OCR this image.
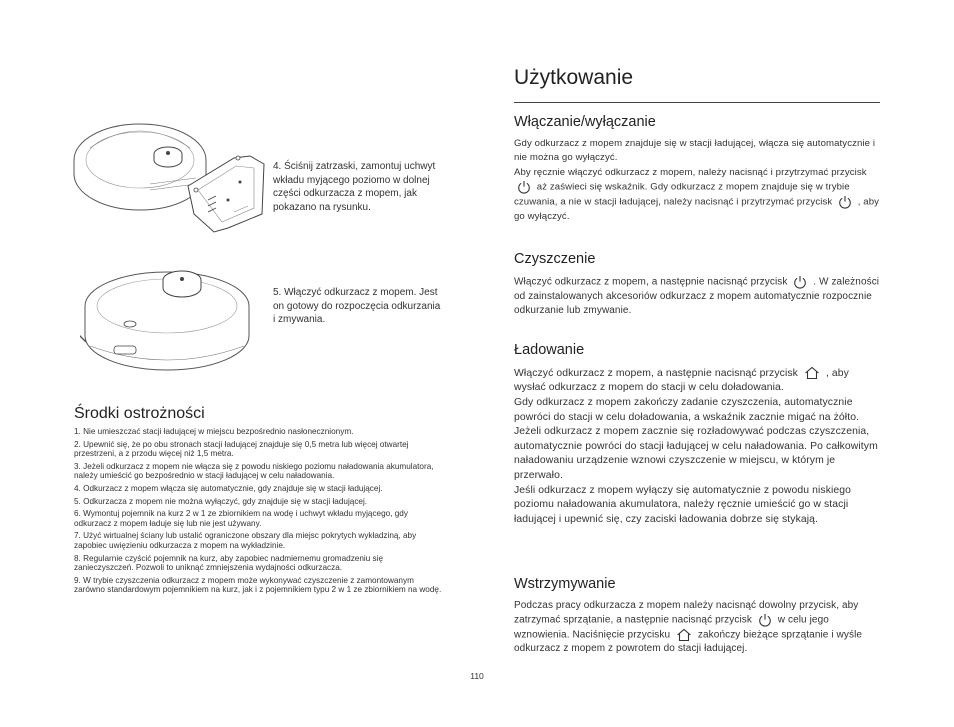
4. Ściśnij zatrzaski, zamontuj uchwyt wkładu myjącego poziomo w dolnej części odkurzacza z mopem, jak pokazano na rysunku.
5. Włączyć odkurzacz z mopem. Jest on gotowy do rozpoczęcia odkurzania i zmywania.
Środki ostrożności
1. Nie umieszczać stacji ładującej w miejscu bezpośrednio nasłonecznionym.
2. Upewnić się, że po obu stronach stacji ładującej znajduje się 0,5 metra lub więcej otwartej przestrzeni, a z przodu więcej niż 1,5 metra.
3. Jeżeli odkurzacz z mopem nie włącza się z powodu niskiego poziomu naładowania akumulatora, należy umieścić go bezpośrednio w stacji ładującej w celu naładowania.
4. Odkurzacz z mopem włącza się automatycznie, gdy znajduje się w stacji ładującej.
5. Odkurzacza z mopem nie można wyłączyć, gdy znajduje się w stacji ładującej.
6. Wymontuj pojemnik na kurz 2 w 1 ze zbiornikiem na wodę i uchwyt wkładu myjącego, gdy odkurzacz z mopem ładuje się lub nie jest używany.
7. Użyć wirtualnej ściany lub ustalić ograniczone obszary dla miejsc pokrytych wykładziną, aby zapobiec uwięzieniu odkurzacza z mopem na wykładzinie.
8. Regularnie czyścić pojemnik na kurz, aby zapobiec nadmiernemu gromadzeniu się zanieczyszczeń. Pozwoli to uniknąć zmniejszenia wydajności odkurzacza.
9. W trybie czyszczenia odkurzacz z mopem może wykonywać czyszczenie z zamontowanym zarówno standardowym pojemnikiem na kurz, jak i z pojemnikiem typu 2 w 1 ze zbiornikiem na wodę.
Użytkowanie
Włączanie/wyłączanie

Gdy odkurzacz z mopem znajduje się w stacji ładującej, włącza się automatycznie i nie można go wyłączyć.

Aby ręcznie włączyć odkurzacz z mopem, należy nacisnąć i przytrzymać przycisk  aż zaświeci się wskaźnik. Gdy odkurzacz z mopem znajduje się w trybie czuwania, a nie w stacji ładującej, należy nacisnąć i przytrzymać przycisk	, aby go wyłączyć.

Czyszczenie

Włączyć odkurzacz z mopem, a następnie nacisnąć przycisk	. W zależności od zainstalowanych akcesoriów odkurzacz z mopem automatycznie rozpocznie odkurzanie lub zmywanie.

Ładowanie

Włączyć odkurzacz z mopem, a następnie nacisnąć przycisk	, aby wysłać odkurzacz z mopem do stacji w celu doładowania.

Gdy odkurzacz z mopem zakończy zadanie czyszczenia, automatycznie powróci do stacji w celu doładowania, a wskaźnik zacznie migać na żółto.

Jeżeli odkurzacz z mopem zacznie się rozładowywać podczas czyszczenia, automatycznie powróci do stacji ładującej w celu naładowania. Po całkowitym naładowaniu urządzenie wznowi czyszczenie w miejscu, w którym je przerwało.

Jeśli odkurzacz z mopem wyłączy się automatycznie z powodu niskiego poziomu naładowania akumulatora, należy ręcznie umieścić go w stacji ładującej i upewnić się, czy zaciski ładowania dobrze się stykają.

Wstrzymywanie

Podczas pracy odkurzacza z mopem należy nacisnąć dowolny przycisk, aby zatrzymać sprzątanie, a następnie nacisnąć przycisk	w celu jego wznowienia. Naciśnięcie przycisku	zakończy bieżące sprzątanie i wyśle odkurzacz z mopem z powrotem do stacji ładującej.

110
